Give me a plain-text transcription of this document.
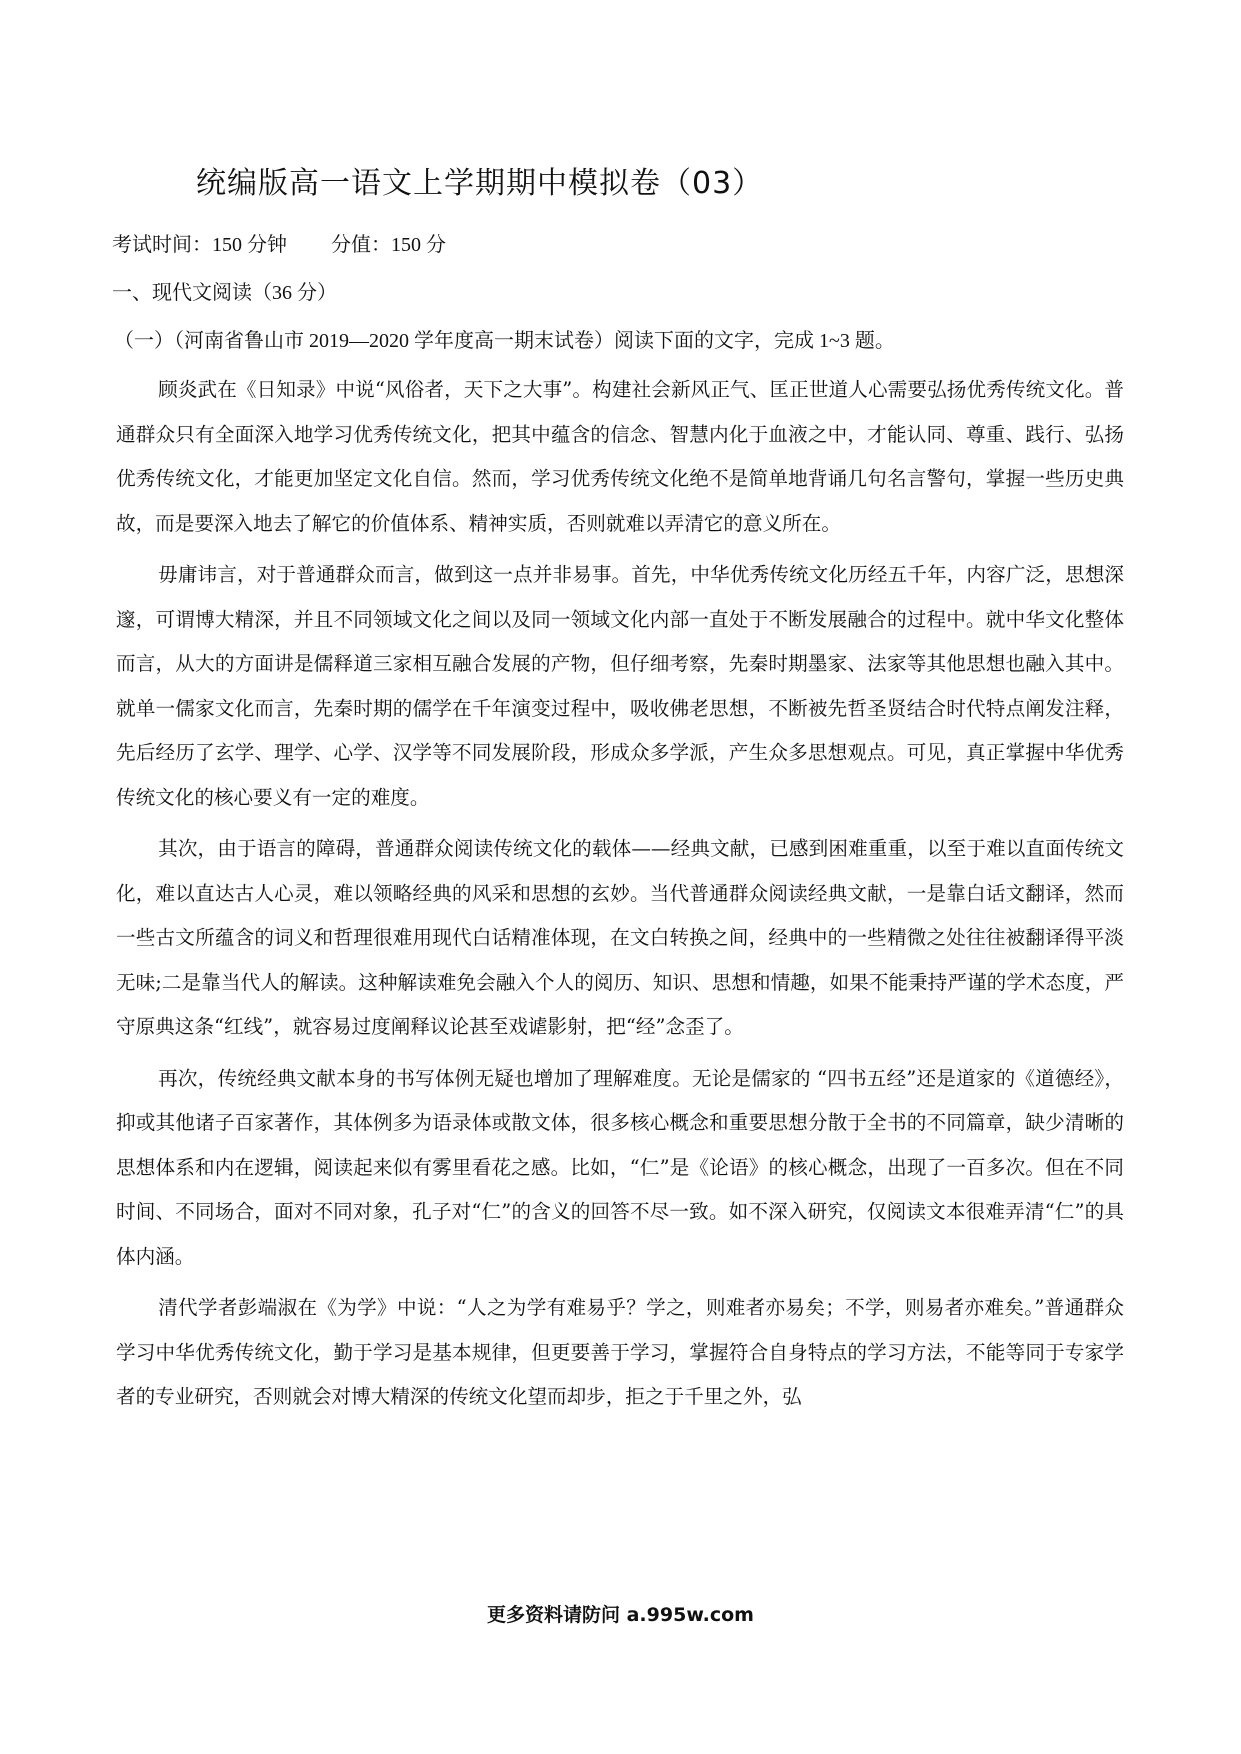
统编版高一语文上学期期中模拟卷（03）
考试时间：150 分钟 分值：150 分
一、现代文阅读（36 分）
（一）（河南省鲁山市 2019—2020 学年度高一期末试卷）阅读下面的文字，完成 1~3 题。

顾炎武在《日知录》中说“风俗者，天下之大事”。构建社会新风正气、匡正世道人心需要弘扬优秀传统文化。普通群众只有全面深入地学习优秀传统文化，把其中蕴含的信念、智慧内化于血液之中，才能认同、尊重、践行、弘扬优秀传统文化，才能更加坚定文化自信。然而，学习优秀传统文化绝不是简单地背诵几句名言警句，掌握一些历史典故，而是要深入地去了解它的价值体系、精神实质，否则就难以弄清它的意义所在。

毋庸讳言，对于普通群众而言，做到这一点并非易事。首先，中华优秀传统文化历经五千年，内容广泛，思想深邃，可谓博大精深，并且不同领域文化之间以及同一领域文化内部一直处于不断发展融合的过程中。就中华文化整体而言，从大的方面讲是儒释道三家相互融合发展的产物，但仔细考察，先秦时期墨家、法家等其他思想也融入其中。就单一儒家文化而言，先秦时期的儒学在千年演变过程中，吸收佛老思想，不断被先哲圣贤结合时代特点阐发注释，先后经历了玄学、理学、心学、汉学等不同发展阶段，形成众多学派，产生众多思想观点。可见，真正掌握中华优秀传统文化的核心要义有一定的难度。

其次，由于语言的障碍，普通群众阅读传统文化的载体——经典文献，已感到困难重重，以至于难以直面传统文化，难以直达古人心灵，难以领略经典的风采和思想的玄妙。当代普通群众阅读经典文献，一是靠白话文翻译，然而一些古文所蕴含的词义和哲理很难用现代白话精准体现，在文白转换之间，经典中的一些精微之处往往被翻译得平淡无味;二是靠当代人的解读。这种解读难免会融入个人的阅历、知识、思想和情趣，如果不能秉持严谨的学术态度，严守原典这条“红线”，就容易过度阐释议论甚至戏谑影射，把“经”念歪了。

再次，传统经典文献本身的书写体例无疑也增加了理解难度。无论是儒家的 “四书五经”还是道家的《道德经》，抑或其他诸子百家著作，其体例多为语录体或散文体，很多核心概念和重要思想分散于全书的不同篇章，缺少清晰的思想体系和内在逻辑，阅读起来似有雾里看花之感。比如，“仁”是《论语》的核心概念，出现了一百多次。但在不同时间、不同场合，面对不同对象，孔子对“仁”的含义的回答不尽一致。如不深入研究，仅阅读文本很难弄清“仁”的具体内涵。

清代学者彭端淑在《为学》中说：“人之为学有难易乎？学之，则难者亦易矣；不学，则易者亦难矣。”普通群众学习中华优秀传统文化，勤于学习是基本规律，但更要善于学习，掌握符合自身特点的学习方法，不能等同于专家学者的专业研究，否则就会对博大精深的传统文化望而却步，拒之于千里之外，弘

更多资料请防问 a.995w.com
